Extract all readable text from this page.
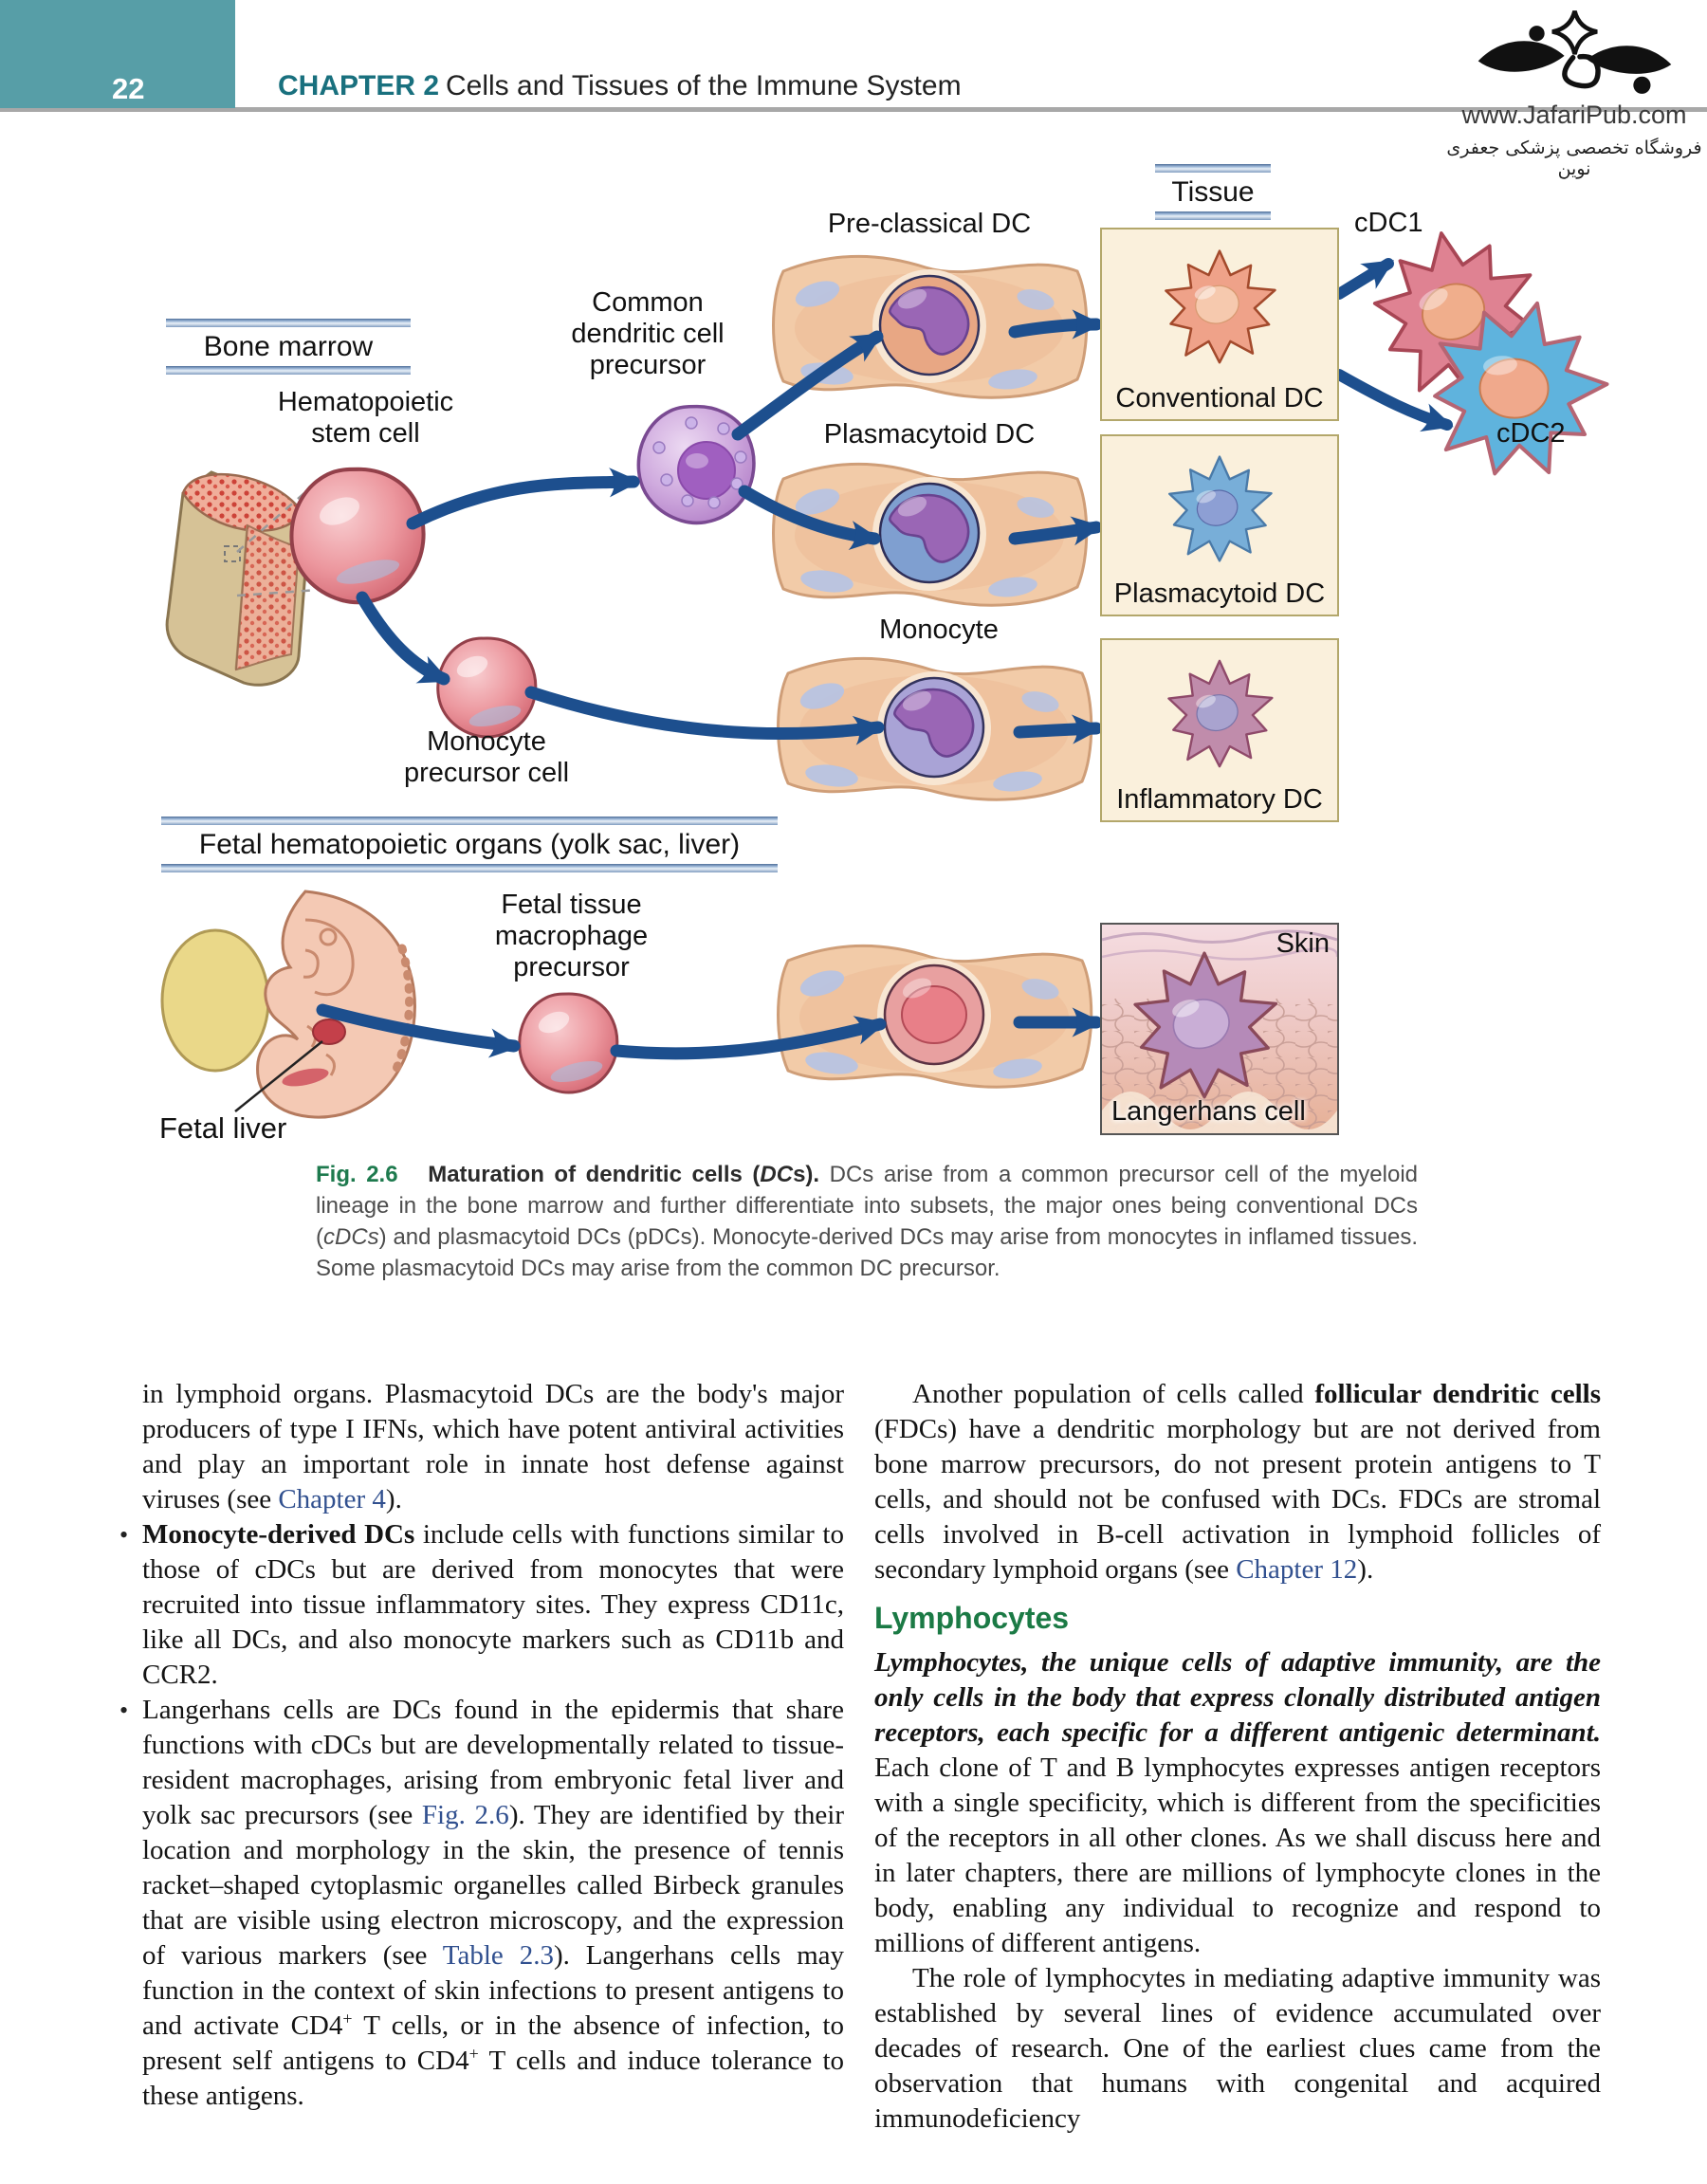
22	CHAPTER 2 Cells and Tissues of the Immune System
www.JafariPub.com
فروشگاه تخصصی پزشکی جعفری نوین
Conventional DC
Plasmacytoid DC
Inflammatory DC
Skin
Langerhans cell
Tissue
Bone marrow
Fetal hematopoietic organs (yolk sac, liver)
Pre-classical DC
Common dendritic cell precursor
Hematopoietic stem cell	Plasmacytoid DC
Monocyte
Monocyte precursor cell
Fetal tissue macrophage precursor
Fetal liver
cDC1
cDC2
Fig. 2.6 Maturation of dendritic cells (DCs). DCs arise from a common precursor cell of the myeloid lineage in the bone marrow and further differentiate into subsets, the major ones being conventional DCs (cDCs) and plasmacytoid DCs (pDCs). Monocyte-derived DCs may arise from monocytes in inflamed tissues. Some plasmacytoid DCs may arise from the common DC precursor.

in lymphoid organs. Plasmacytoid DCs are the body's major producers of type I IFNs, which have potent antiviral activities and play an important role in innate host defense against viruses (see Chapter 4).

• Monocyte-derived DCs include cells with functions similar to those of cDCs but are derived from monocytes that were recruited into tissue inflammatory sites. They express CD11c, like all DCs, and also monocyte markers such as CD11b and CCR2.
• Langerhans cells are DCs found in the epidermis that share functions with cDCs but are developmentally related to tissue-resident macrophages, arising from embryonic fetal liver and yolk sac precursors (see Fig. 2.6). They are identified by their location and morphology in the skin, the presence of tennis racket–shaped cytoplasmic organelles called Birbeck granules that are visible using electron microscopy, and the expression of various markers (see Table 2.3). Langerhans cells may function in the context of skin infections to present antigens to and activate CD4+ T cells, or in the absence of infection, to present self antigens to CD4+ T cells and induce tolerance to these antigens.

Another population of cells called follicular dendritic cells (FDCs) have a dendritic morphology but are not derived from bone marrow precursors, do not present protein antigens to T cells, and should not be confused with DCs. FDCs are stromal cells involved in B-cell activation in lymphoid follicles of secondary lymphoid organs (see Chapter 12).

Lymphocytes

Lymphocytes, the unique cells of adaptive immunity, are the only cells in the body that express clonally distributed antigen receptors, each specific for a different antigenic determinant. Each clone of T and B lymphocytes expresses antigen receptors with a single specificity, which is different from the specificities of the receptors in all other clones. As we shall discuss here and in later chapters, there are millions of lymphocyte clones in the body, enabling any individual to recognize and respond to millions of different antigens.

The role of lymphocytes in mediating adaptive immunity was established by several lines of evidence accumulated over decades of research. One of the earliest clues came from the observation that humans with congenital and acquired immunodeficiency
